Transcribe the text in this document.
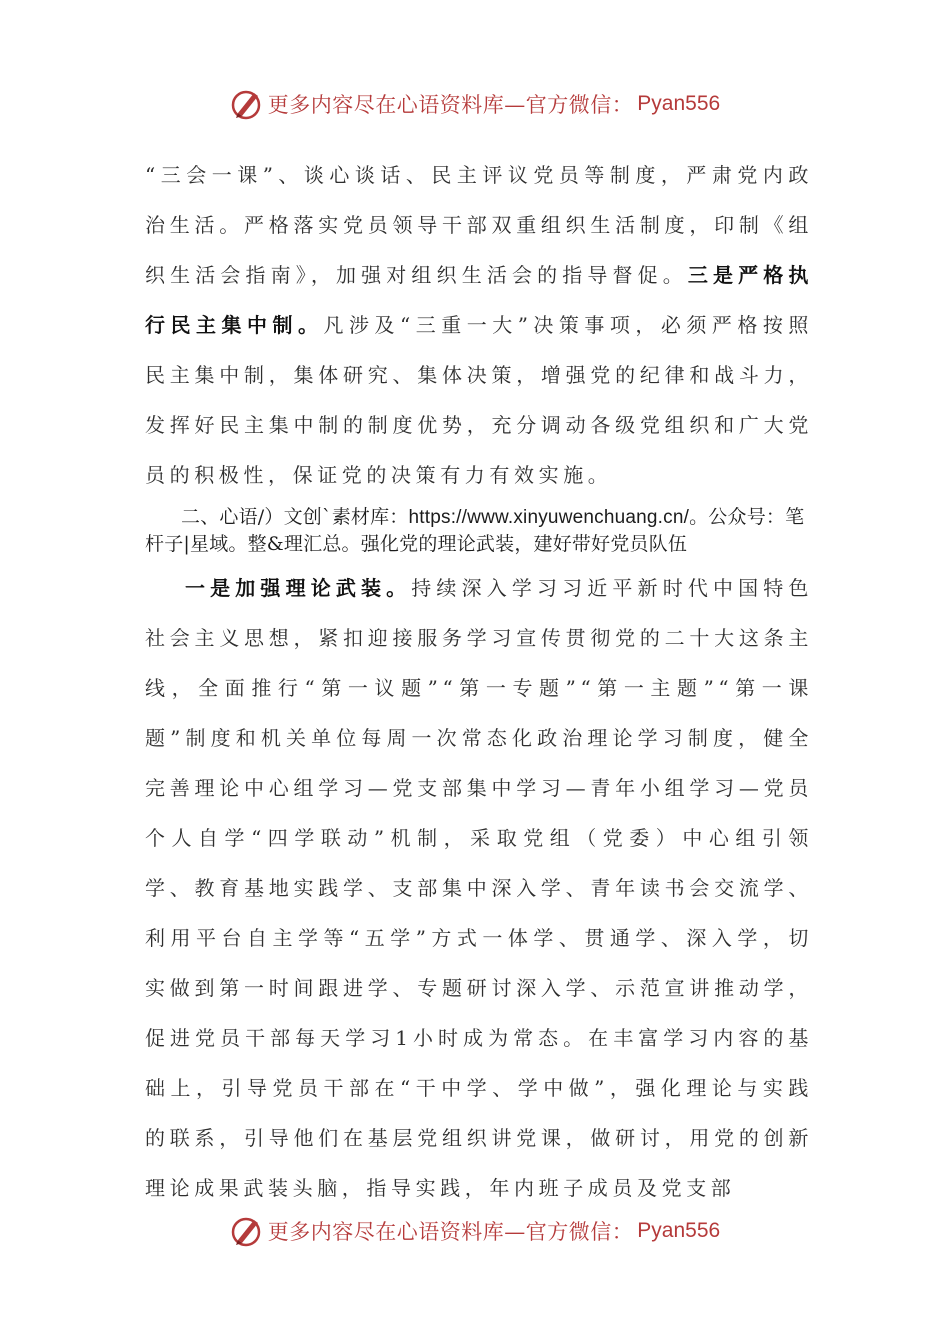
更多内容尽在心语资料库—官方微信： Pyan556

“三会一课”、谈心谈话、民主评议党员等制度，严肃党内政治生活。严格落实党员领导干部双重组织生活制度，印制《组织生活会指南》，加强对组织生活会的指导督促。三是严格执行民主集中制。凡涉及“三重一大”决策事项，必须严格按照民主集中制，集体研究、集体决策，增强党的纪律和战斗力，发挥好民主集中制的制度优势，充分调动各级党组织和广大党员的积极性，保证党的决策有力有效实施。

二、心语/）文创`素材库：https://www.xinyuwenchuang.cn/。公众号：笔杆子|星域。整&理汇总。强化党的理论武装，建好带好党员队伍

一是加强理论武装。持续深入学习习近平新时代中国特色社会主义思想，紧扣迎接服务学习宣传贯彻党的二十大这条主线，全面推行“第一议题”“第一专题”“第一主题”“第一课题”制度和机关单位每周一次常态化政治理论学习制度，健全完善理论中心组学习—党支部集中学习—青年小组学习—党员个人自学“四学联动”机制，采取党组（党委）中心组引领学、教育基地实践学、支部集中深入学、青年读书会交流学、利用平台自主学等“五学”方式一体学、贯通学、深入学，切实做到第一时间跟进学、专题研讨深入学、示范宣讲推动学，促进党员干部每天学习1小时成为常态。在丰富学习内容的基础上，引导党员干部在“干中学、学中做”，强化理论与实践的联系，引导他们在基层党组织讲党课，做研讨，用党的创新理论成果武装头脑，指导实践，年内班子成员及党支部

更多内容尽在心语资料库—官方微信： Pyan556
